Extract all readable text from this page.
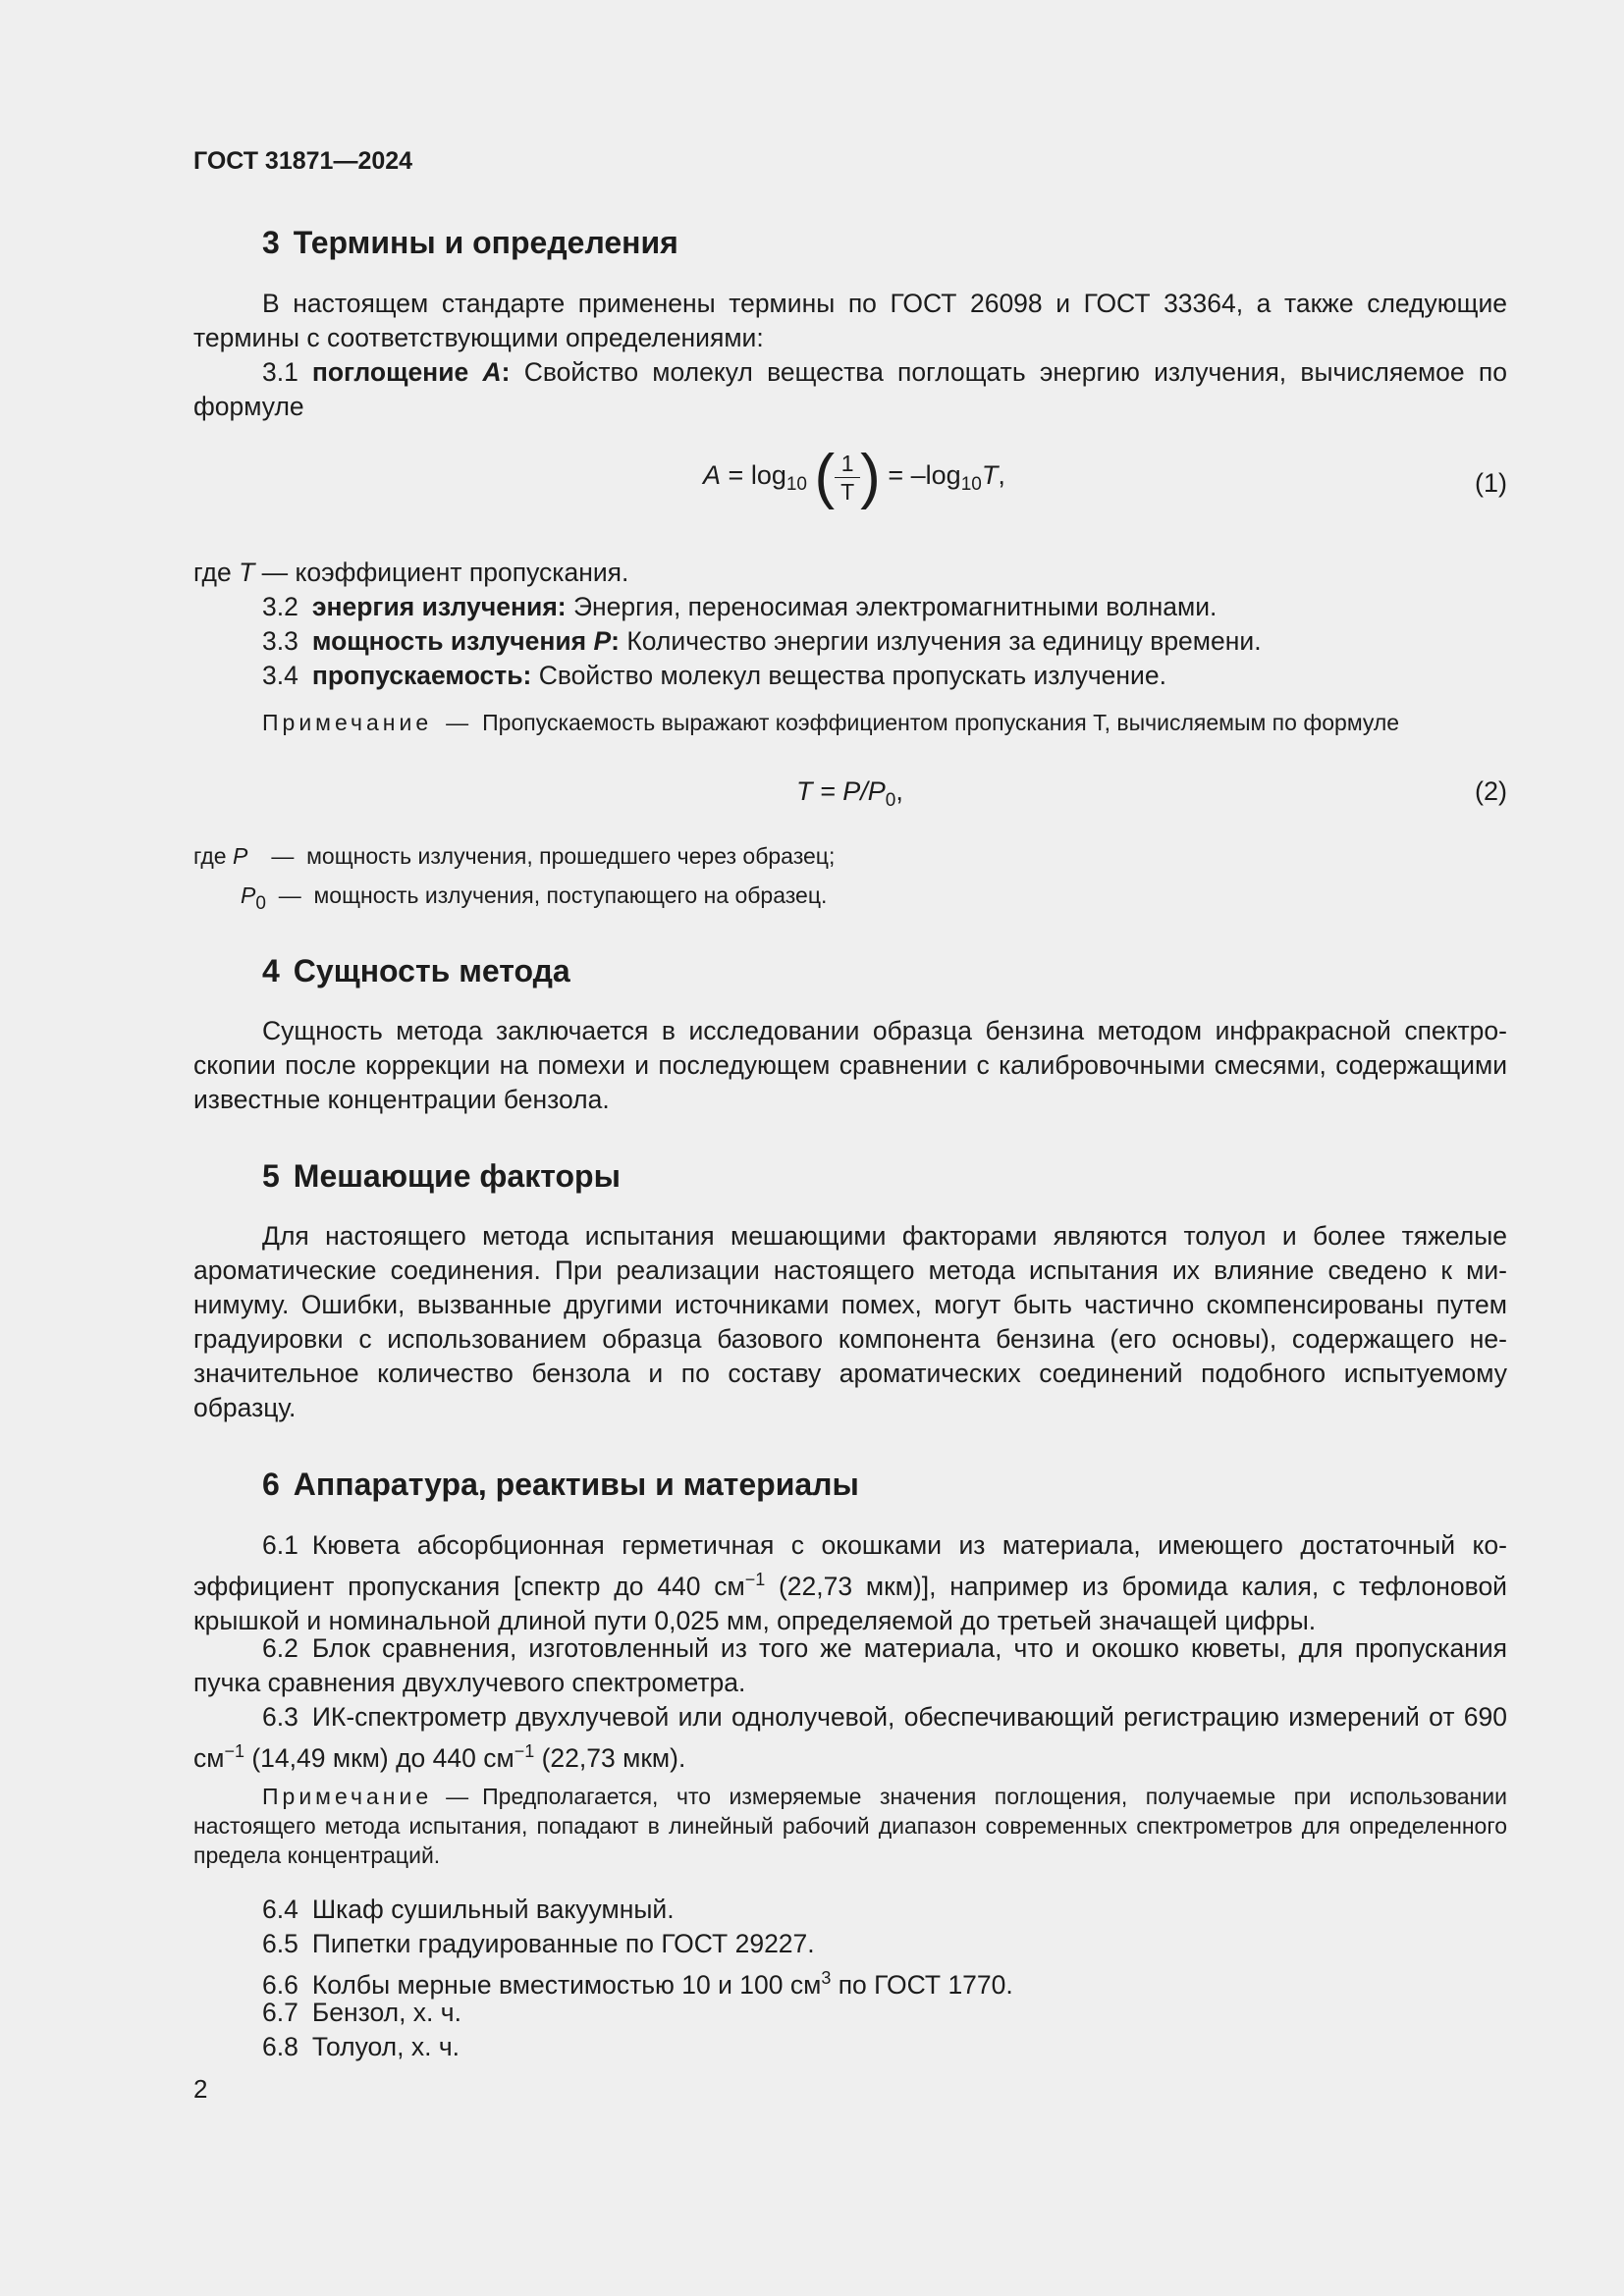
ГОСТ 31871—2024
3 Термины и определения
В настоящем стандарте применены термины по ГОСТ 26098 и ГОСТ 33364, а также следующие термины с соответствующими определениями:
3.1 поглощение A: Свойство молекул вещества поглощать энергию излучения, вычисляемое по формуле
$A = \log_{10}$ ( $\frac{1}{T}$ ) = $-\log_{10}T$,	(1)
где T — коэффициент пропускания.
3.2 энергия излучения: Энергия, переносимая электромагнитными волнами.
3.3 мощность излучения P: Количество энергии излучения за единицу времени.
3.4 пропускаемость: Свойство молекул вещества пропускать излучение.
Примечание — Пропускаемость выражают коэффициентом пропускания T, вычисляемым по формуле
$T = P/P_0$,	(2)
где P — мощность излучения, прошедшего через образец;
$P_0$ — мощность излучения, поступающего на образец.
4 Сущность метода
Сущность метода заключается в исследовании образца бензина методом инфракрасной спектроскопии после коррекции на помехи и последующем сравнении с калибровочными смесями, содержащими известные концентрации бензола.
5 Мешающие факторы
Для настоящего метода испытания мешающими факторами являются толуол и более тяжелые ароматические соединения. При реализации настоящего метода испытания их влияние сведено к минимуму. Ошибки, вызванные другими источниками помех, могут быть частично скомпенсированы путем градуировки с использованием образца базового компонента бензина (его основы), содержащего незначительное количество бензола и по составу ароматических соединений подобного испытуемому образцу.
6 Аппаратура, реактивы и материалы
6.1 Кювета абсорбционная герметичная с окошками из материала, имеющего достаточный коэффициент пропускания [спектр до 440 $см^{-1}$ (22,73 мкм)], например из бромида калия, с тефлоновой крышкой и номинальной длиной пути 0,025 мм, определяемой до третьей значащей цифры.
6.2 Блок сравнения, изготовленный из того же материала, что и окошко кюветы, для пропускания пучка сравнения двухлучевого спектрометра.
6.3 ИК-спектрометр двухлучевой или однолучевой, обеспечивающий регистрацию измерений от 690 $см^{-1}$ (14,49 мкм) до 440 $см^{-1}$ (22,73 мкм).
Примечание — Предполагается, что измеряемые значения поглощения, получаемые при использовании настоящего метода испытания, попадают в линейный рабочий диапазон современных спектрометров для определенного предела концентраций.
6.4 Шкаф сушильный вакуумный.
6.5 Пипетки градуированные по ГОСТ 29227.
6.6 Колбы мерные вместимостью 10 и 100 $см^3$ по ГОСТ 1770.
6.7 Бензол, х. ч.
6.8 Толуол, х. ч.
2
